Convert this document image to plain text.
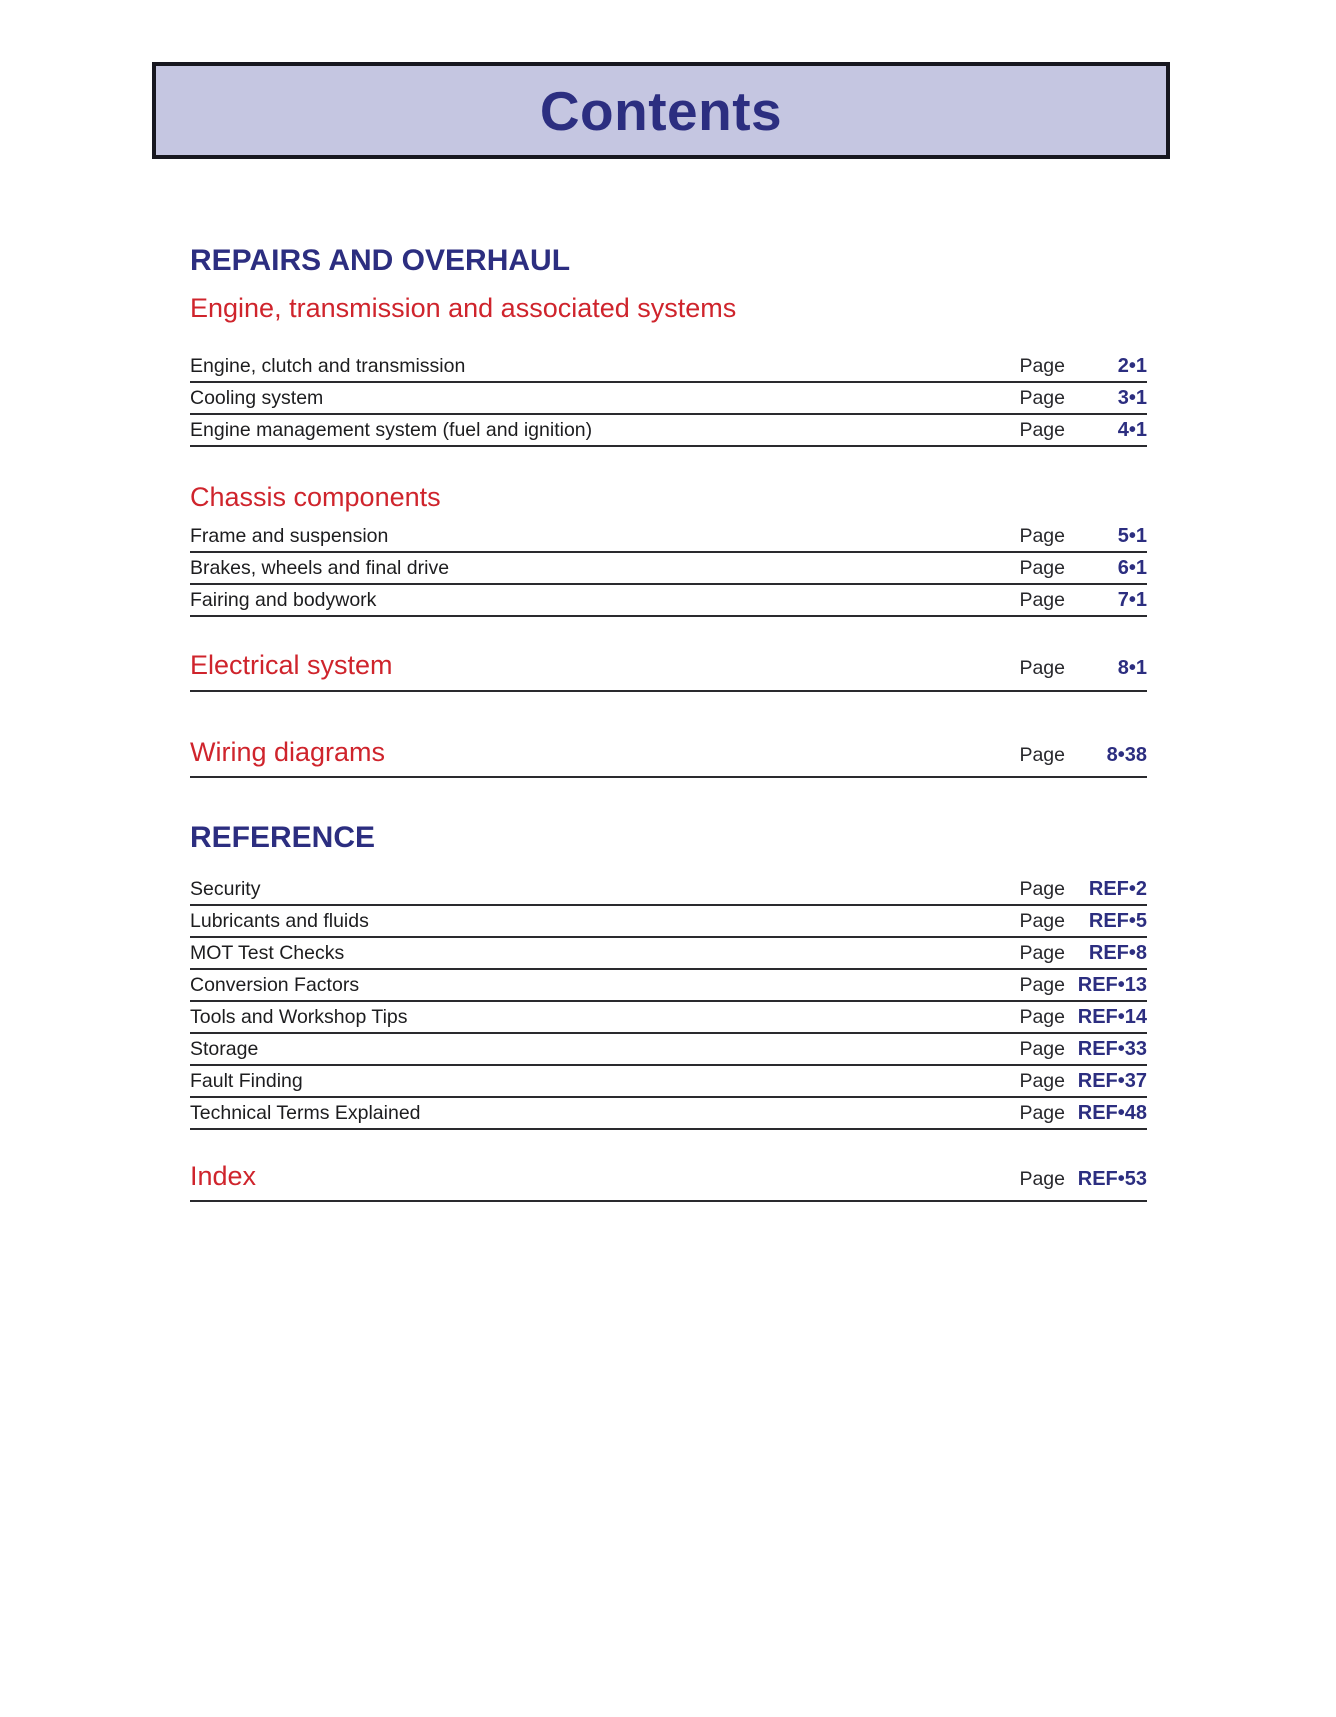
Contents
REPAIRS AND OVERHAUL
Engine, transmission and associated systems
Engine, clutch and transmission	Page	2•1
Cooling system	Page	3•1
Engine management system (fuel and ignition)	Page	4•1
Chassis components
Frame and suspension	Page	5•1
Brakes, wheels and final drive	Page	6•1
Fairing and bodywork	Page	7•1
Electrical system	Page	8•1
Wiring diagrams	Page	8•38
REFERENCE
Security	Page	REF•2
Lubricants and fluids	Page	REF•5
MOT Test Checks	Page	REF•8
Conversion Factors	Page REF•13
Tools and Workshop Tips	Page REF•14
Storage	Page REF•33
Fault Finding	Page REF•37
Technical Terms Explained	Page REF•48
Index	Page REF•53
